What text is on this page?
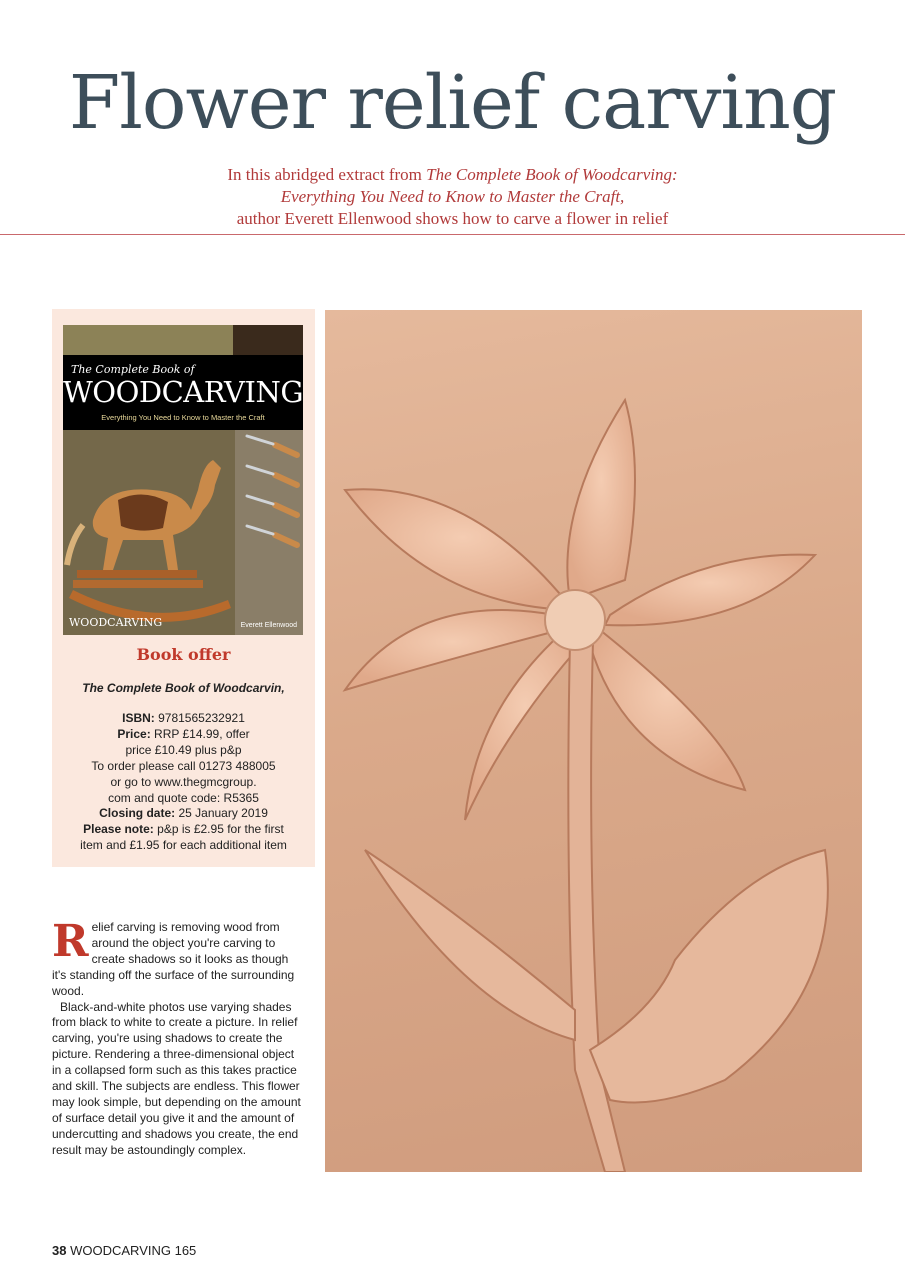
Flower relief carving
In this abridged extract from The Complete Book of Woodcarving:
Everything You Need to Know to Master the Craft,
author Everett Ellenwood shows how to carve a flower in relief
The Complete Book of
WOODCARVING
Everything You Need to Know to Master the Craft
WOODCARVING	Everett Ellenwood
Book offer
The Complete Book of Woodcarvin,
ISBN: 9781565232921
Price: RRP £14.99, offer
price £10.49 plus p&p
To order please call 01273 488005
or go to www.thegmcgroup.
com and quote code: R5365
Closing date: 25 January 2019
Please note: p&p is £2.95 for the first
item and £1.95 for each additional item

Relief carving is removing wood from around the object you're carving to create shadows so it looks as though it's standing off the surface of the surrounding wood.

Black-and-white photos use varying shades from black to white to create a picture. In relief carving, you're using shadows to create the picture. Rendering a three-dimensional object in a collapsed form such as this takes practice and skill. The subjects are endless. This flower may look simple, but depending on the amount of surface detail you give it and the amount of undercutting and shadows you create, the end result may be astoundingly complex.

38 WOODCARVING 165
